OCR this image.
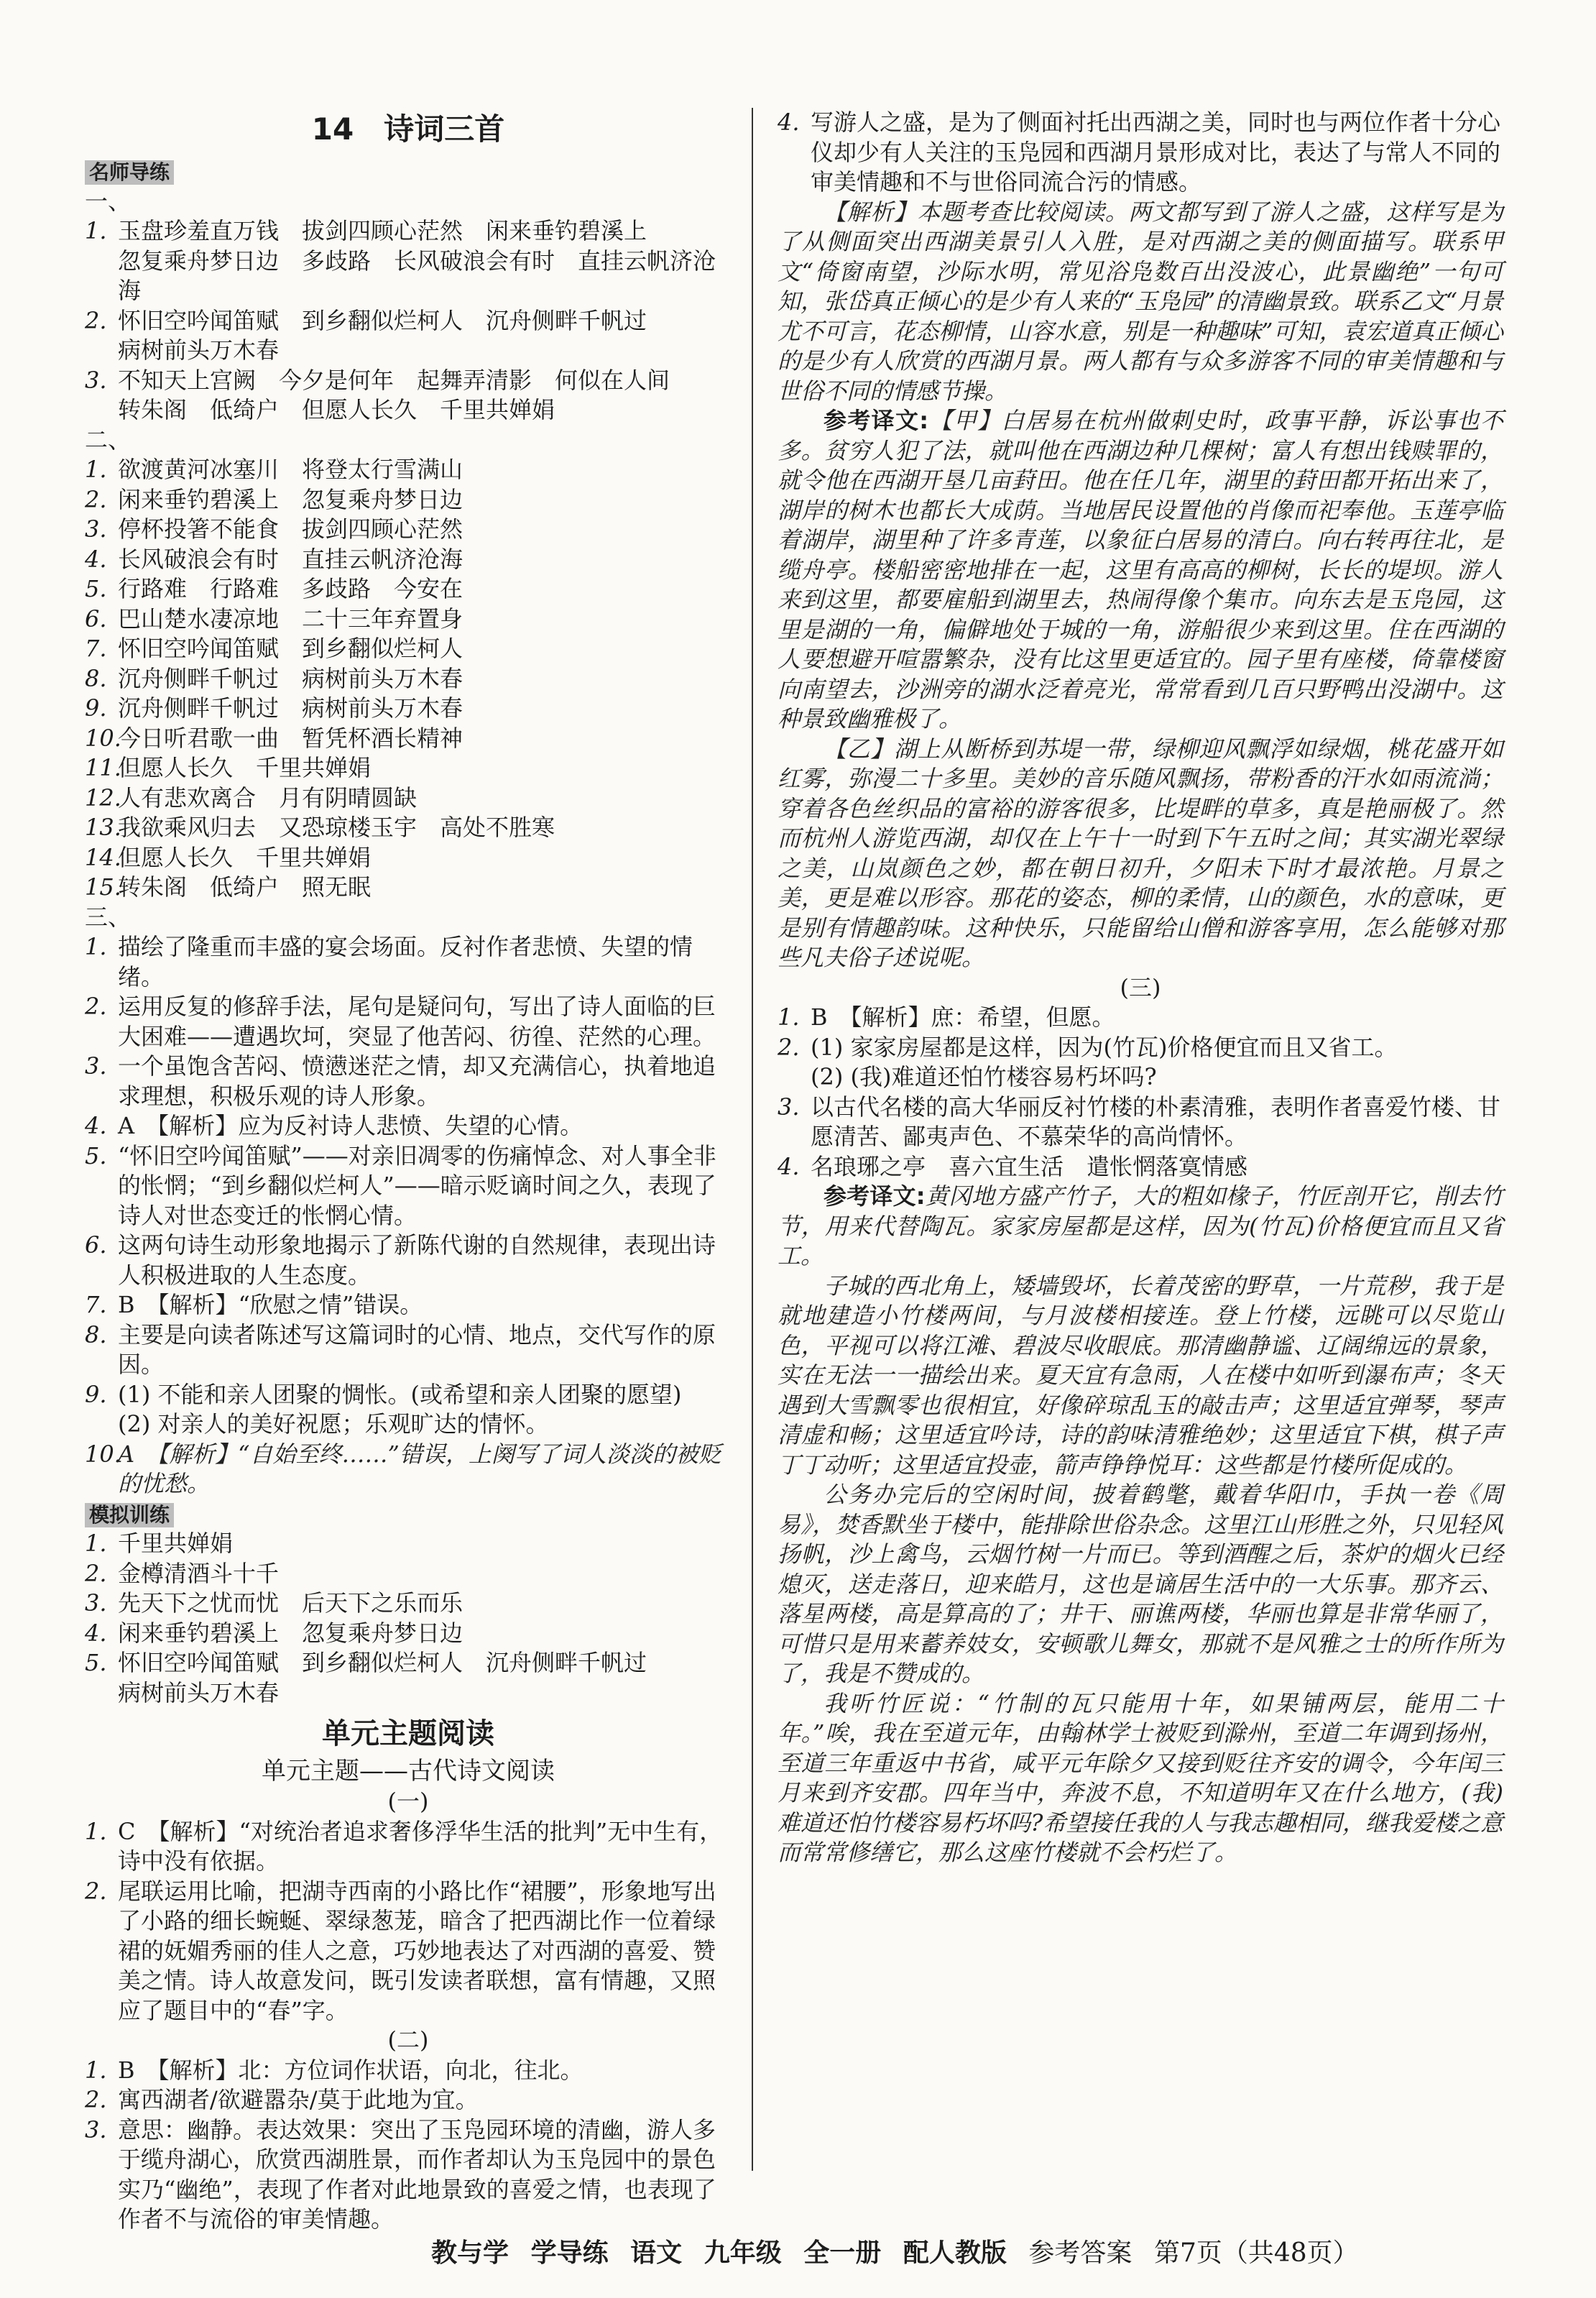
14　诗词三首
名师导练
一、
1. 玉盘珍羞直万钱　拔剑四顾心茫然　闲来垂钓碧溪上
忽复乘舟梦日边　多歧路　长风破浪会有时　直挂云帆济沧海
2. 怀旧空吟闻笛赋　到乡翻似烂柯人　沉舟侧畔千帆过
病树前头万木春
3. 不知天上宫阙　今夕是何年　起舞弄清影　何似在人间
转朱阁　低绮户　但愿人长久　千里共婵娟
二、
1. 欲渡黄河冰塞川　将登太行雪满山
2. 闲来垂钓碧溪上　忽复乘舟梦日边
3. 停杯投箸不能食　拔剑四顾心茫然
4. 长风破浪会有时　直挂云帆济沧海
5. 行路难　行路难　多歧路　今安在
6. 巴山楚水凄凉地　二十三年弃置身
7. 怀旧空吟闻笛赋　到乡翻似烂柯人
8. 沉舟侧畔千帆过　病树前头万木春
9. 沉舟侧畔千帆过　病树前头万木春
10.
今日听君歌一曲　暂凭杯酒长精神
11.
但愿人长久　千里共婵娟
12.
人有悲欢离合　月有阴晴圆缺
13.
我欲乘风归去　又恐琼楼玉宇　高处不胜寒
14.
但愿人长久　千里共婵娟
15.
转朱阁　低绮户　照无眠
三、
1. 描绘了隆重而丰盛的宴会场面。反衬作者悲愤、失望的情绪。
2. 运用反复的修辞手法，尾句是疑问句，写出了诗人面临的巨大困难——遭遇坎坷，突显了他苦闷、彷徨、茫然的心理。
3. 一个虽饱含苦闷、愤懑迷茫之情，却又充满信心，执着地追求理想，积极乐观的诗人形象。
4. A　【解析】应为反衬诗人悲愤、失望的心情。
5. “怀旧空吟闻笛赋”——对亲旧凋零的伤痛悼念、对人事全非的怅惘；“到乡翻似烂柯人”——暗示贬谪时间之久，表现了诗人对世态变迁的怅惘心情。
6. 这两句诗生动形象地揭示了新陈代谢的自然规律，表现出诗人积极进取的人生态度。
7. B　【解析】“欣慰之情”错误。
8. 主要是向读者陈述写这篇词时的心情、地点，交代写作的原因。
9. (1) 不能和亲人团聚的惆怅。(或希望和亲人团聚的愿望)
(2) 对亲人的美好祝愿；乐观旷达的情怀。
10.
A　【解析】“自始至终……”错误，上阕写了词人淡淡的被贬的忧愁。
模拟训练
1. 千里共婵娟
2. 金樽清酒斗十千
3. 先天下之忧而忧　后天下之乐而乐
4. 闲来垂钓碧溪上　忽复乘舟梦日边
5. 怀旧空吟闻笛赋　到乡翻似烂柯人　沉舟侧畔千帆过
病树前头万木春
单元主题阅读
单元主题——古代诗文阅读
(一)
1. C　【解析】“对统治者追求奢侈浮华生活的批判”无中生有，诗中没有依据。
2. 尾联运用比喻，把湖寺西南的小路比作“裙腰”，形象地写出了小路的细长蜿蜒、翠绿葱茏，暗含了把西湖比作一位着绿裙的妩媚秀丽的佳人之意，巧妙地表达了对西湖的喜爱、赞美之情。诗人故意发问，既引发读者联想，富有情趣，又照应了题目中的“春”字。
(二)
1. B　【解析】北：方位词作状语，向北，往北。
2. 寓西湖者/欲避嚣杂/莫于此地为宜。
3. 意思：幽静。表达效果：突出了玉凫园环境的清幽，游人多于缆舟湖心，欣赏西湖胜景，而作者却认为玉凫园中的景色实乃“幽绝”，表现了作者对此地景致的喜爱之情，也表现了作者不与流俗的审美情趣。
4. 写游人之盛，是为了侧面衬托出西湖之美，同时也与两位作者十分心仪却少有人关注的玉凫园和西湖月景形成对比，表达了与常人不同的审美情趣和不与世俗同流合污的情感。
【解析】本题考查比较阅读。两文都写到了游人之盛，这样写是为了从侧面突出西湖美景引人入胜，是对西湖之美的侧面描写。联系甲文“倚窗南望，沙际水明，常见浴凫数百出没波心，此景幽绝”一句可知，张岱真正倾心的是少有人来的“玉凫园”的清幽景致。联系乙文“月景尤不可言，花态柳情，山容水意，别是一种趣味”可知，袁宏道真正倾心的是少有人欣赏的西湖月景。两人都有与众多游客不同的审美情趣和与世俗不同的情感节操。
参考译文:【甲】白居易在杭州做刺史时，政事平静，诉讼事也不多。贫穷人犯了法，就叫他在西湖边种几棵树；富人有想出钱赎罪的，就令他在西湖开垦几亩葑田。他在任几年，湖里的葑田都开拓出来了，湖岸的树木也都长大成荫。当地居民设置他的肖像而祀奉他。玉莲亭临着湖岸，湖里种了许多青莲，以象征白居易的清白。向右转再往北，是缆舟亭。楼船密密地排在一起，这里有高高的柳树，长长的堤坝。游人来到这里，都要雇船到湖里去，热闹得像个集市。向东去是玉凫园，这里是湖的一角，偏僻地处于城的一角，游船很少来到这里。住在西湖的人要想避开喧嚣繁杂，没有比这里更适宜的。园子里有座楼，倚靠楼窗向南望去，沙洲旁的湖水泛着亮光，常常看到几百只野鸭出没湖中。这种景致幽雅极了。
【乙】湖上从断桥到苏堤一带，绿柳迎风飘浮如绿烟，桃花盛开如红雾，弥漫二十多里。美妙的音乐随风飘扬，带粉香的汗水如雨流淌；穿着各色丝织品的富裕的游客很多，比堤畔的草多，真是艳丽极了。然而杭州人游览西湖，却仅在上午十一时到下午五时之间；其实湖光翠绿之美，山岚颜色之妙，都在朝日初升，夕阳未下时才最浓艳。月景之美，更是难以形容。那花的姿态，柳的柔情，山的颜色，水的意味，更是别有情趣韵味。这种快乐，只能留给山僧和游客享用，怎么能够对那些凡夫俗子述说呢。
(三)
1. B　【解析】庶：希望，但愿。
2. (1) 家家房屋都是这样，因为(竹瓦)价格便宜而且又省工。
(2) (我)难道还怕竹楼容易朽坏吗?
3. 以古代名楼的高大华丽反衬竹楼的朴素清雅，表明作者喜爱竹楼、甘愿清苦、鄙夷声色、不慕荣华的高尚情怀。
4. 名琅琊之亭　喜六宜生活　遣怅惘落寞情感
参考译文:黄冈地方盛产竹子，大的粗如椽子，竹匠剖开它，削去竹节，用来代替陶瓦。家家房屋都是这样，因为(竹瓦)价格便宜而且又省工。
子城的西北角上，矮墙毁坏，长着茂密的野草，一片荒秽，我于是就地建造小竹楼两间，与月波楼相接连。登上竹楼，远眺可以尽览山色，平视可以将江滩、碧波尽收眼底。那清幽静谧、辽阔绵远的景象，实在无法一一描绘出来。夏天宜有急雨，人在楼中如听到瀑布声；冬天遇到大雪飘零也很相宜，好像碎琼乱玉的敲击声；这里适宜弹琴，琴声清虚和畅；这里适宜吟诗，诗的韵味清雅绝妙；这里适宜下棋，棋子声丁丁动听；这里适宜投壶，箭声铮铮悦耳：这些都是竹楼所促成的。
公务办完后的空闲时间，披着鹤氅，戴着华阳巾，手执一卷《周易》，焚香默坐于楼中，能排除世俗杂念。这里江山形胜之外，只见轻风扬帆，沙上禽鸟，云烟竹树一片而已。等到酒醒之后，茶炉的烟火已经熄灭，送走落日，迎来皓月，这也是谪居生活中的一大乐事。那齐云、落星两楼，高是算高的了；井干、丽谯两楼，华丽也算是非常华丽了，可惜只是用来蓄养妓女，安顿歌儿舞女，那就不是风雅之士的所作所为了，我是不赞成的。
我听竹匠说：“竹制的瓦只能用十年，如果铺两层，能用二十年。”唉，我在至道元年，由翰林学士被贬到滁州，至道二年调到扬州，至道三年重返中书省，咸平元年除夕又接到贬往齐安的调令，今年闰三月来到齐安郡。四年当中，奔波不息，不知道明年又在什么地方，(我)难道还怕竹楼容易朽坏吗?希望接任我的人与我志趣相同，继我爱楼之意而常常修缮它，那么这座竹楼就不会朽烂了。
教与学 学导练 语文 九年级 全一册 配人教版 参考答案 第7页（共48页）
